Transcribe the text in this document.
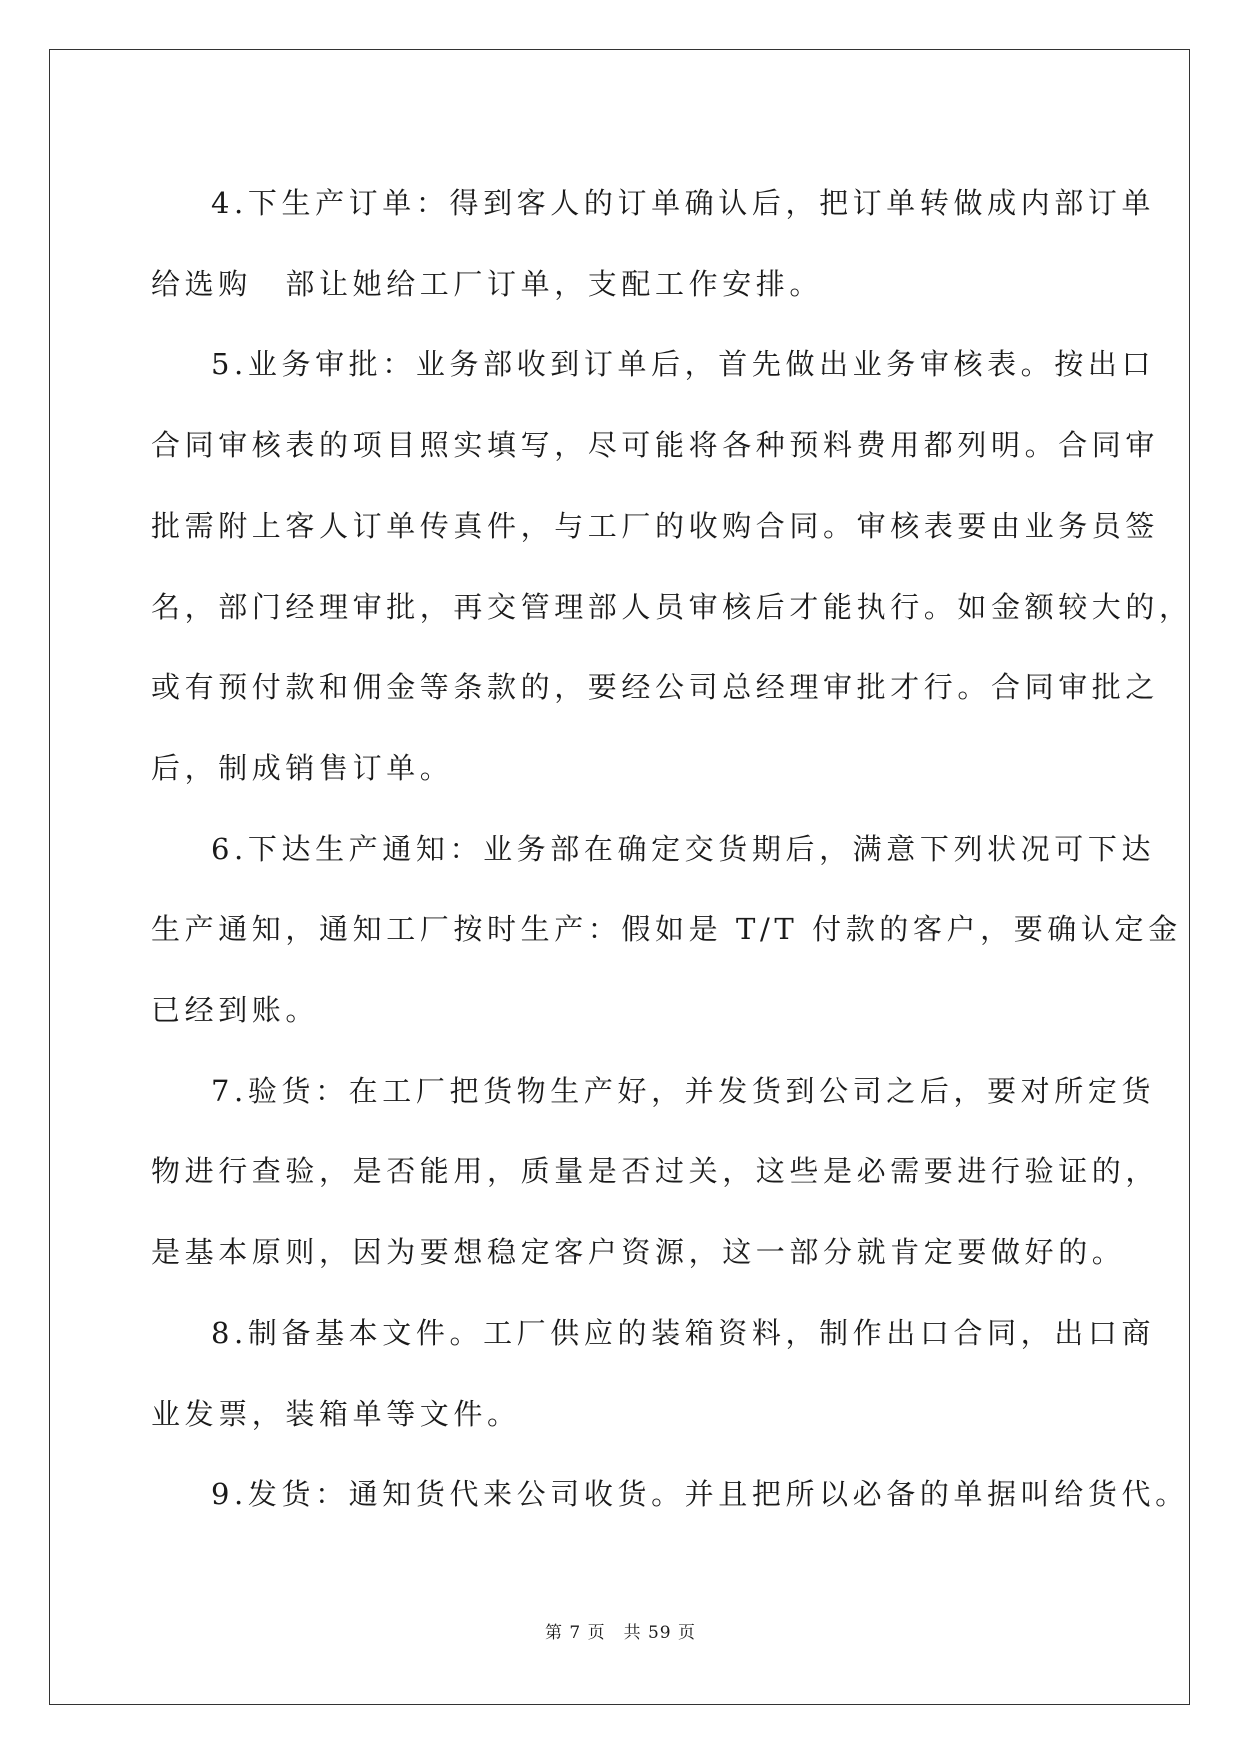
4.下生产订单：得到客人的订单确认后，把订单转做成内部订单
给选购　部让她给工厂订单，支配工作安排。

5.业务审批：业务部收到订单后，首先做出业务审核表。按出口
合同审核表的项目照实填写，尽可能将各种预料费用都列明。合同审
批需附上客人订单传真件，与工厂的收购合同。审核表要由业务员签
名，部门经理审批，再交管理部人员审核后才能执行。如金额较大的，
或有预付款和佣金等条款的，要经公司总经理审批才行。合同审批之
后，制成销售订单。

6.下达生产通知：业务部在确定交货期后，满意下列状况可下达
生产通知，通知工厂按时生产：假如是 T/T 付款的客户，要确认定金
已经到账。

7.验货：在工厂把货物生产好，并发货到公司之后，要对所定货
物进行查验，是否能用，质量是否过关，这些是必需要进行验证的，
是基本原则，因为要想稳定客户资源，这一部分就肯定要做好的。

8.制备基本文件。工厂供应的装箱资料，制作出口合同，出口商
业发票，装箱单等文件。

9.发货：通知货代来公司收货。并且把所以必备的单据叫给货代。

第 7 页 共 59 页
